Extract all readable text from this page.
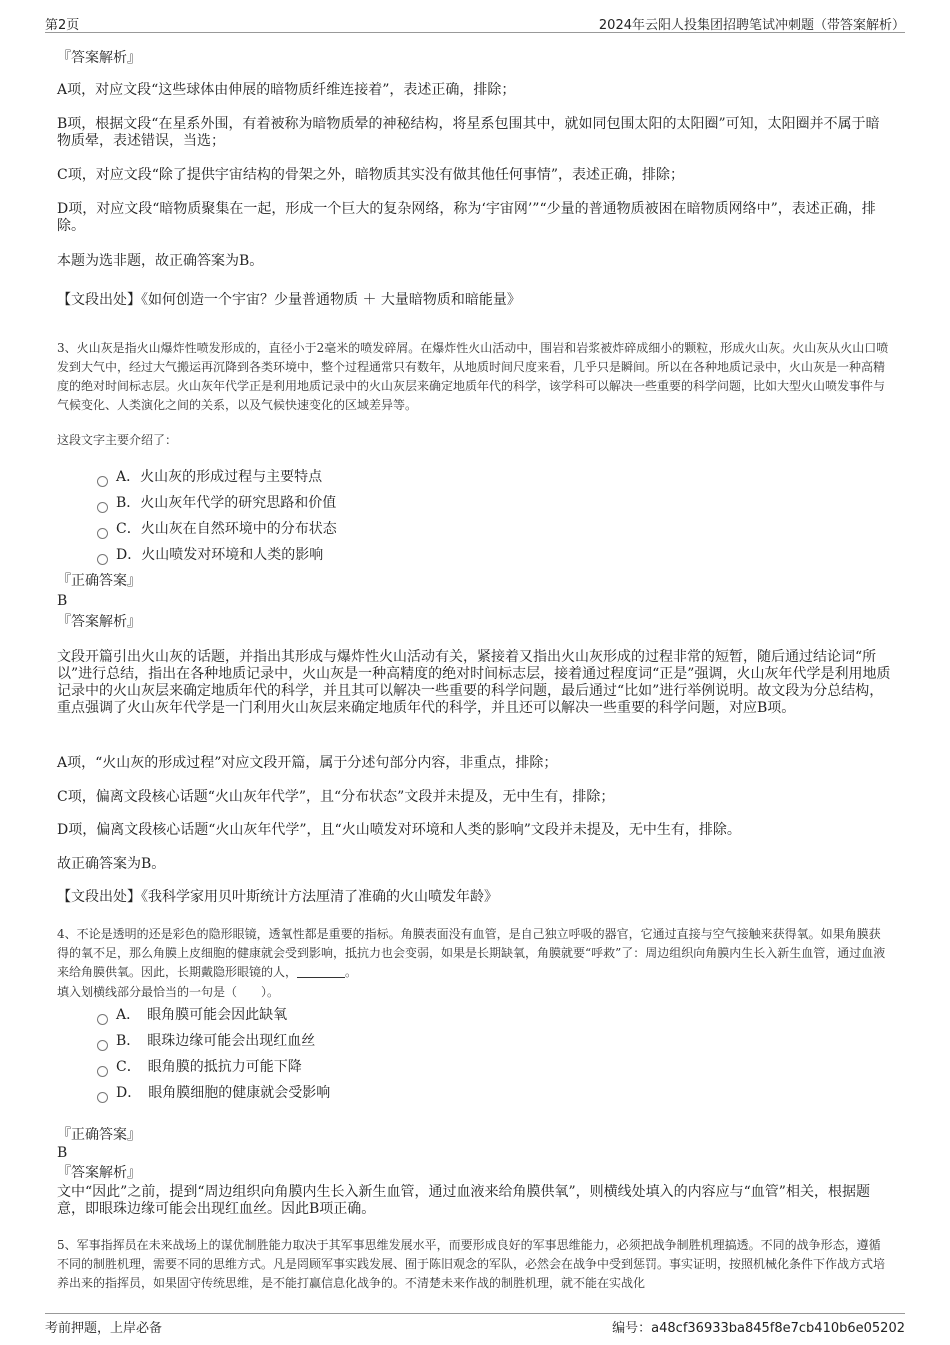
第2页	2024年云阳人投集团招聘笔试冲刺题（带答案解析）

『答案解析』

A项，对应文段“这些球体由伸展的暗物质纤维连接着”，表述正确，排除；

B项，根据文段“在星系外围，有着被称为暗物质晕的神秘结构，将星系包围其中，就如同包围太阳的太阳圈”可知，太阳圈并不属于暗物质晕，表述错误，当选；

C项，对应文段“除了提供宇宙结构的骨架之外，暗物质其实没有做其他任何事情”，表述正确，排除；

D项，对应文段“暗物质聚集在一起，形成一个巨大的复杂网络，称为‘宇宙网’”“少量的普通物质被困在暗物质网络中”，表述正确，排除。

本题为选非题，故正确答案为B。

【文段出处】《如何创造一个宇宙？少量普通物质 ＋ 大量暗物质和暗能量》

3、火山灰是指火山爆炸性喷发形成的，直径小于2毫米的喷发碎屑。在爆炸性火山活动中，围岩和岩浆被炸碎成细小的颗粒，形成火山灰。火山灰从火山口喷发到大气中，经过大气搬运再沉降到各类环境中，整个过程通常只有数年，从地质时间尺度来看，几乎只是瞬间。所以在各种地质记录中，火山灰是一种高精度的绝对时间标志层。火山灰年代学正是利用地质记录中的火山灰层来确定地质年代的科学，该学科可以解决一些重要的科学问题，比如大型火山喷发事件与气候变化、人类演化之间的关系，以及气候快速变化的区域差异等。

这段文字主要介绍了：

A．火山灰的形成过程与主要特点
B．火山灰年代学的研究思路和价值
C．火山灰在自然环境中的分布状态
D．火山喷发对环境和人类的影响

『正确答案』

B

『答案解析』

文段开篇引出火山灰的话题，并指出其形成与爆炸性火山活动有关，紧接着又指出火山灰形成的过程非常的短暂，随后通过结论词“所以”进行总结，指出在各种地质记录中，火山灰是一种高精度的绝对时间标志层，接着通过程度词“正是”强调，火山灰年代学是利用地质记录中的火山灰层来确定地质年代的科学，并且其可以解决一些重要的科学问题，最后通过“比如”进行举例说明。故文段为分总结构，重点强调了火山灰年代学是一门利用火山灰层来确定地质年代的科学，并且还可以解决一些重要的科学问题，对应B项。

A项，“火山灰的形成过程”对应文段开篇，属于分述句部分内容，非重点，排除；

C项，偏离文段核心话题“火山灰年代学”，且“分布状态”文段并未提及，无中生有，排除；

D项，偏离文段核心话题“火山灰年代学”，且“火山喷发对环境和人类的影响”文段并未提及，无中生有，排除。

故正确答案为B。

【文段出处】《我科学家用贝叶斯统计方法厘清了准确的火山喷发年龄》

4、不论是透明的还是彩色的隐形眼镜，透氧性都是重要的指标。角膜表面没有血管，是自己独立呼吸的器官，它通过直接与空气接触来获得氧。如果角膜获得的氧不足，那么角膜上皮细胞的健康就会受到影响，抵抗力也会变弱，如果是长期缺氧，角膜就要“呼救”了：周边组织向角膜内生长入新生血管，通过血液来给角膜供氧。因此，长期戴隐形眼镜的人，	。

填入划横线部分最恰当的一句是（　　）。

A．　眼角膜可能会因此缺氧
B．　眼珠边缘可能会出现红血丝
C．　眼角膜的抵抗力可能下降
D．　眼角膜细胞的健康就会受影响

『正确答案』

B

『答案解析』

文中“因此”之前，提到“周边组织向角膜内生长入新生血管，通过血液来给角膜供氧”，则横线处填入的内容应与“血管”相关，根据题意，即眼珠边缘可能会出现红血丝。因此B项正确。

5、军事指挥员在未来战场上的谋优制胜能力取决于其军事思维发展水平，而要形成良好的军事思维能力，必须把战争制胜机理搞透。不同的战争形态，遵循不同的制胜机理，需要不同的思维方式。凡是罔顾军事实践发展、囿于陈旧观念的军队，必然会在战争中受到惩罚。事实证明，按照机械化条件下作战方式培养出来的指挥员，如果固守传统思维，是不能打赢信息化战争的。不清楚未来作战的制胜机理，就不能在实战化

考前押题，上岸必备	编号：a48cf36933ba845f8e7cb410b6e05202
